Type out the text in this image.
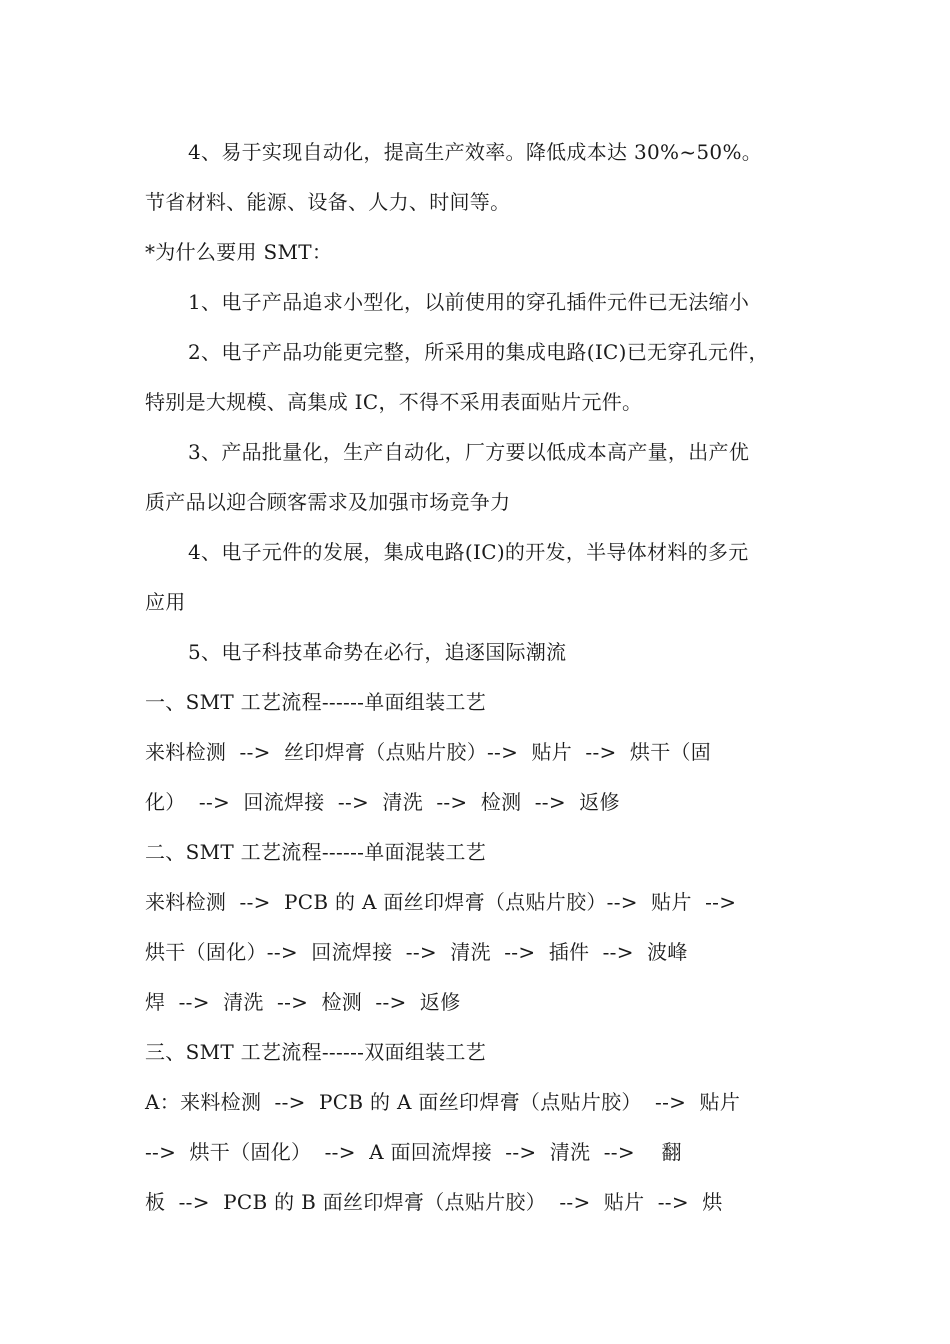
4、易于实现自动化，提高生产效率。降低成本达 30%~50%。
节省材料、能源、设备、人力、时间等。
*为什么要用 SMT：
1、电子产品追求小型化，以前使用的穿孔插件元件已无法缩小
2、电子产品功能更完整，所采用的集成电路(IC)已无穿孔元件，
特别是大规模、高集成 IC，不得不采用表面贴片元件。
3、产品批量化，生产自动化，厂方要以低成本高产量，出产优
质产品以迎合顾客需求及加强市场竞争力
4、电子元件的发展，集成电路(IC)的开发，半导体材料的多元
应用
5、电子科技革命势在必行，追逐国际潮流
一、SMT 工艺流程------单面组装工艺
来料检测  -->  丝印焊膏（点贴片胶）-->  贴片  -->  烘干（固
化）  -->  回流焊接  -->  清洗  -->  检测  -->  返修
二、SMT 工艺流程------单面混装工艺
来料检测  -->  PCB 的 A 面丝印焊膏（点贴片胶）-->  贴片  -->
烘干（固化）-->  回流焊接  -->  清洗  -->  插件  -->  波峰
焊  -->  清洗  -->  检测  -->  返修
三、SMT 工艺流程------双面组装工艺
A：来料检测  -->  PCB 的 A 面丝印焊膏（点贴片胶）  -->  贴片
-->  烘干（固化）  -->  A 面回流焊接  -->  清洗  -->    翻
板  -->  PCB 的 B 面丝印焊膏（点贴片胶）  -->  贴片  -->  烘
